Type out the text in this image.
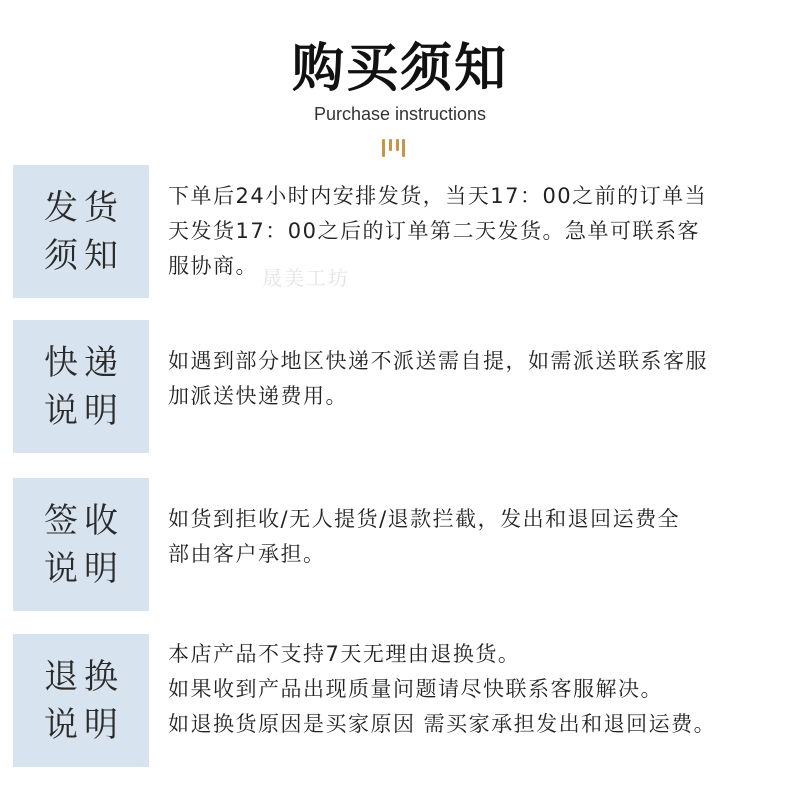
购买须知
Purchase instructions
发货
须知
下单后24小时内安排发货，当天17：00之前的订单当
天发货17：00之后的订单第二天发货。急单可联系客
服协商。 晟美工坊
快递
说明
如遇到部分地区快递不派送需自提，如需派送联系客服
加派送快递费用。
签收
说明
如货到拒收/无人提货/退款拦截，发出和退回运费全
部由客户承担。
退换
说明
本店产品不支持7天无理由退换货。
如果收到产品出现质量问题请尽快联系客服解决。
如退换货原因是买家原因 需买家承担发出和退回运费。
